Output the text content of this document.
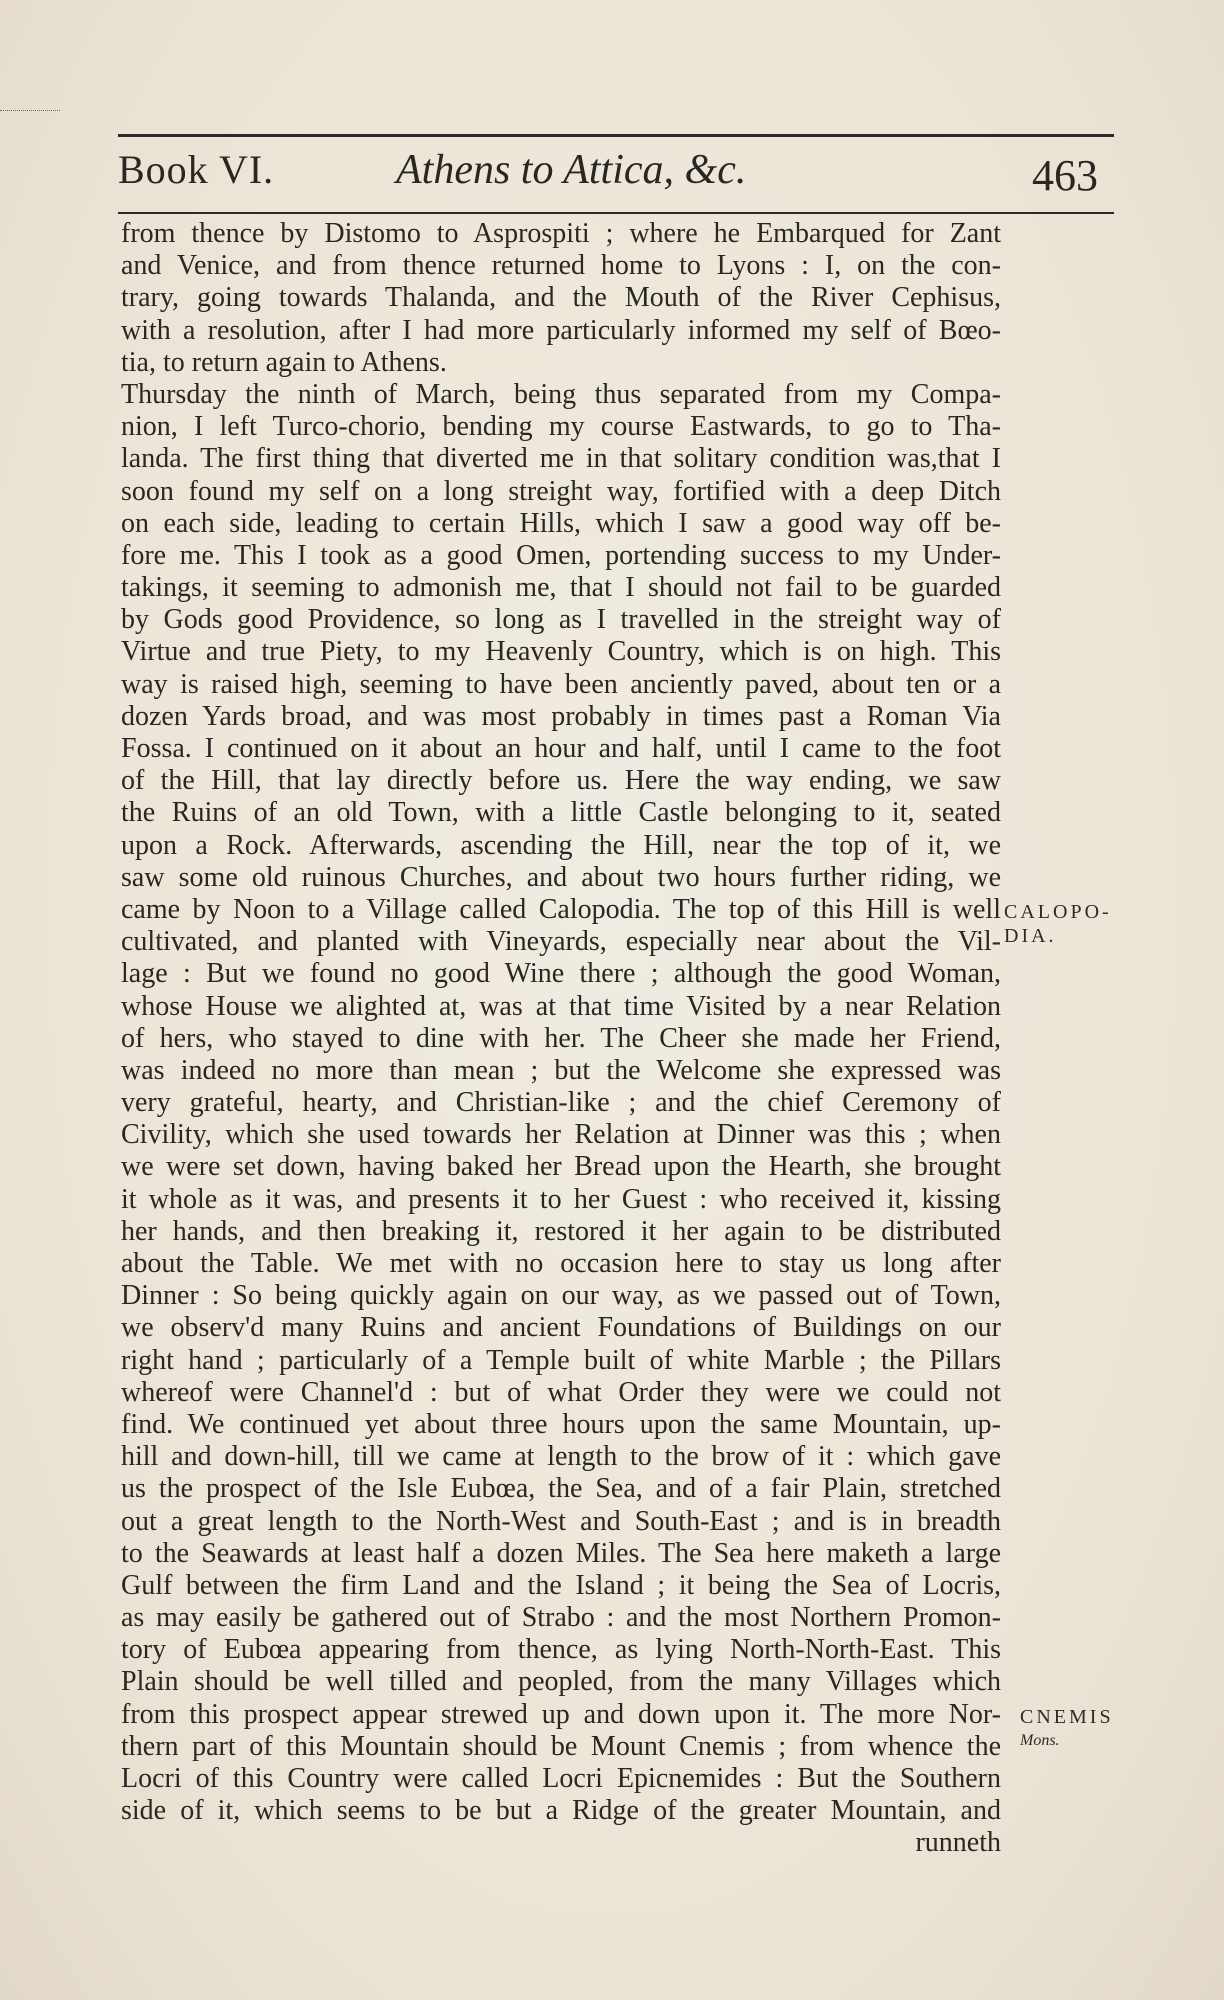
Book VI.	Athens to Attica, &c.	463
from thence by Distomo to Asprospiti ; where he Embarqued for Zant
and Venice, and from thence returned home to Lyons : I, on the con-
trary, going towards Thalanda, and the Mouth of the River Cephisus,
with a resolution, after I had more particularly informed my self of Bœo-
tia, to return again to Athens.
Thursday the ninth of March, being thus separated from my Compa-
nion, I left Turco-chorio, bending my course Eastwards, to go to Tha-
landa. The first thing that diverted me in that solitary condition was,that I
soon found my self on a long streight way, fortified with a deep Ditch
on each side, leading to certain Hills, which I saw a good way off be-
fore me. This I took as a good Omen, portending success to my Under-
takings, it seeming to admonish me, that I should not fail to be guarded
by Gods good Providence, so long as I travelled in the streight way of
Virtue and true Piety, to my Heavenly Country, which is on high. This
way is raised high, seeming to have been anciently paved, about ten or a
dozen Yards broad, and was most probably in times past a Roman Via
Fossa. I continued on it about an hour and half, until I came to the foot
of the Hill, that lay directly before us. Here the way ending, we saw
the Ruins of an old Town, with a little Castle belonging to it, seated
upon a Rock. Afterwards, ascending the Hill, near the top of it, we
saw some old ruinous Churches, and about two hours further riding, we
came by Noon to a Village called Calopodia. The top of this Hill is well
cultivated, and planted with Vineyards, especially near about the Vil-
lage : But we found no good Wine there ; although the good Woman,
whose House we alighted at, was at that time Visited by a near Relation
of hers, who stayed to dine with her. The Cheer she made her Friend,
was indeed no more than mean ; but the Welcome she expressed was
very grateful, hearty, and Christian-like ; and the chief Ceremony of
Civility, which she used towards her Relation at Dinner was this ; when
we were set down, having baked her Bread upon the Hearth, she brought
it whole as it was, and presents it to her Guest : who received it, kissing
her hands, and then breaking it, restored it her again to be distributed
about the Table. We met with no occasion here to stay us long after
Dinner : So being quickly again on our way, as we passed out of Town,
we observ'd many Ruins and ancient Foundations of Buildings on our
right hand ; particularly of a Temple built of white Marble ; the Pillars
whereof were Channel'd : but of what Order they were we could not
find. We continued yet about three hours upon the same Mountain, up-
hill and down-hill, till we came at length to the brow of it : which gave
us the prospect of the Isle Eubœa, the Sea, and of a fair Plain, stretched
out a great length to the North-West and South-East ; and is in breadth
to the Seawards at least half a dozen Miles. The Sea here maketh a large
Gulf between the firm Land and the Island ; it being the Sea of Locris,
as may easily be gathered out of Strabo : and the most Northern Promon-
tory of Eubœa appearing from thence, as lying North-North-East. This
Plain should be well tilled and peopled, from the many Villages which
from this prospect appear strewed up and down upon it. The more Nor-
thern part of this Mountain should be Mount Cnemis ; from whence the
Locri of this Country were called Locri Epicnemides : But the Southern
side of it, which seems to be but a Ridge of the greater Mountain, and
runneth
CALOPO-
DIA.
CNEMIS
Mons.
